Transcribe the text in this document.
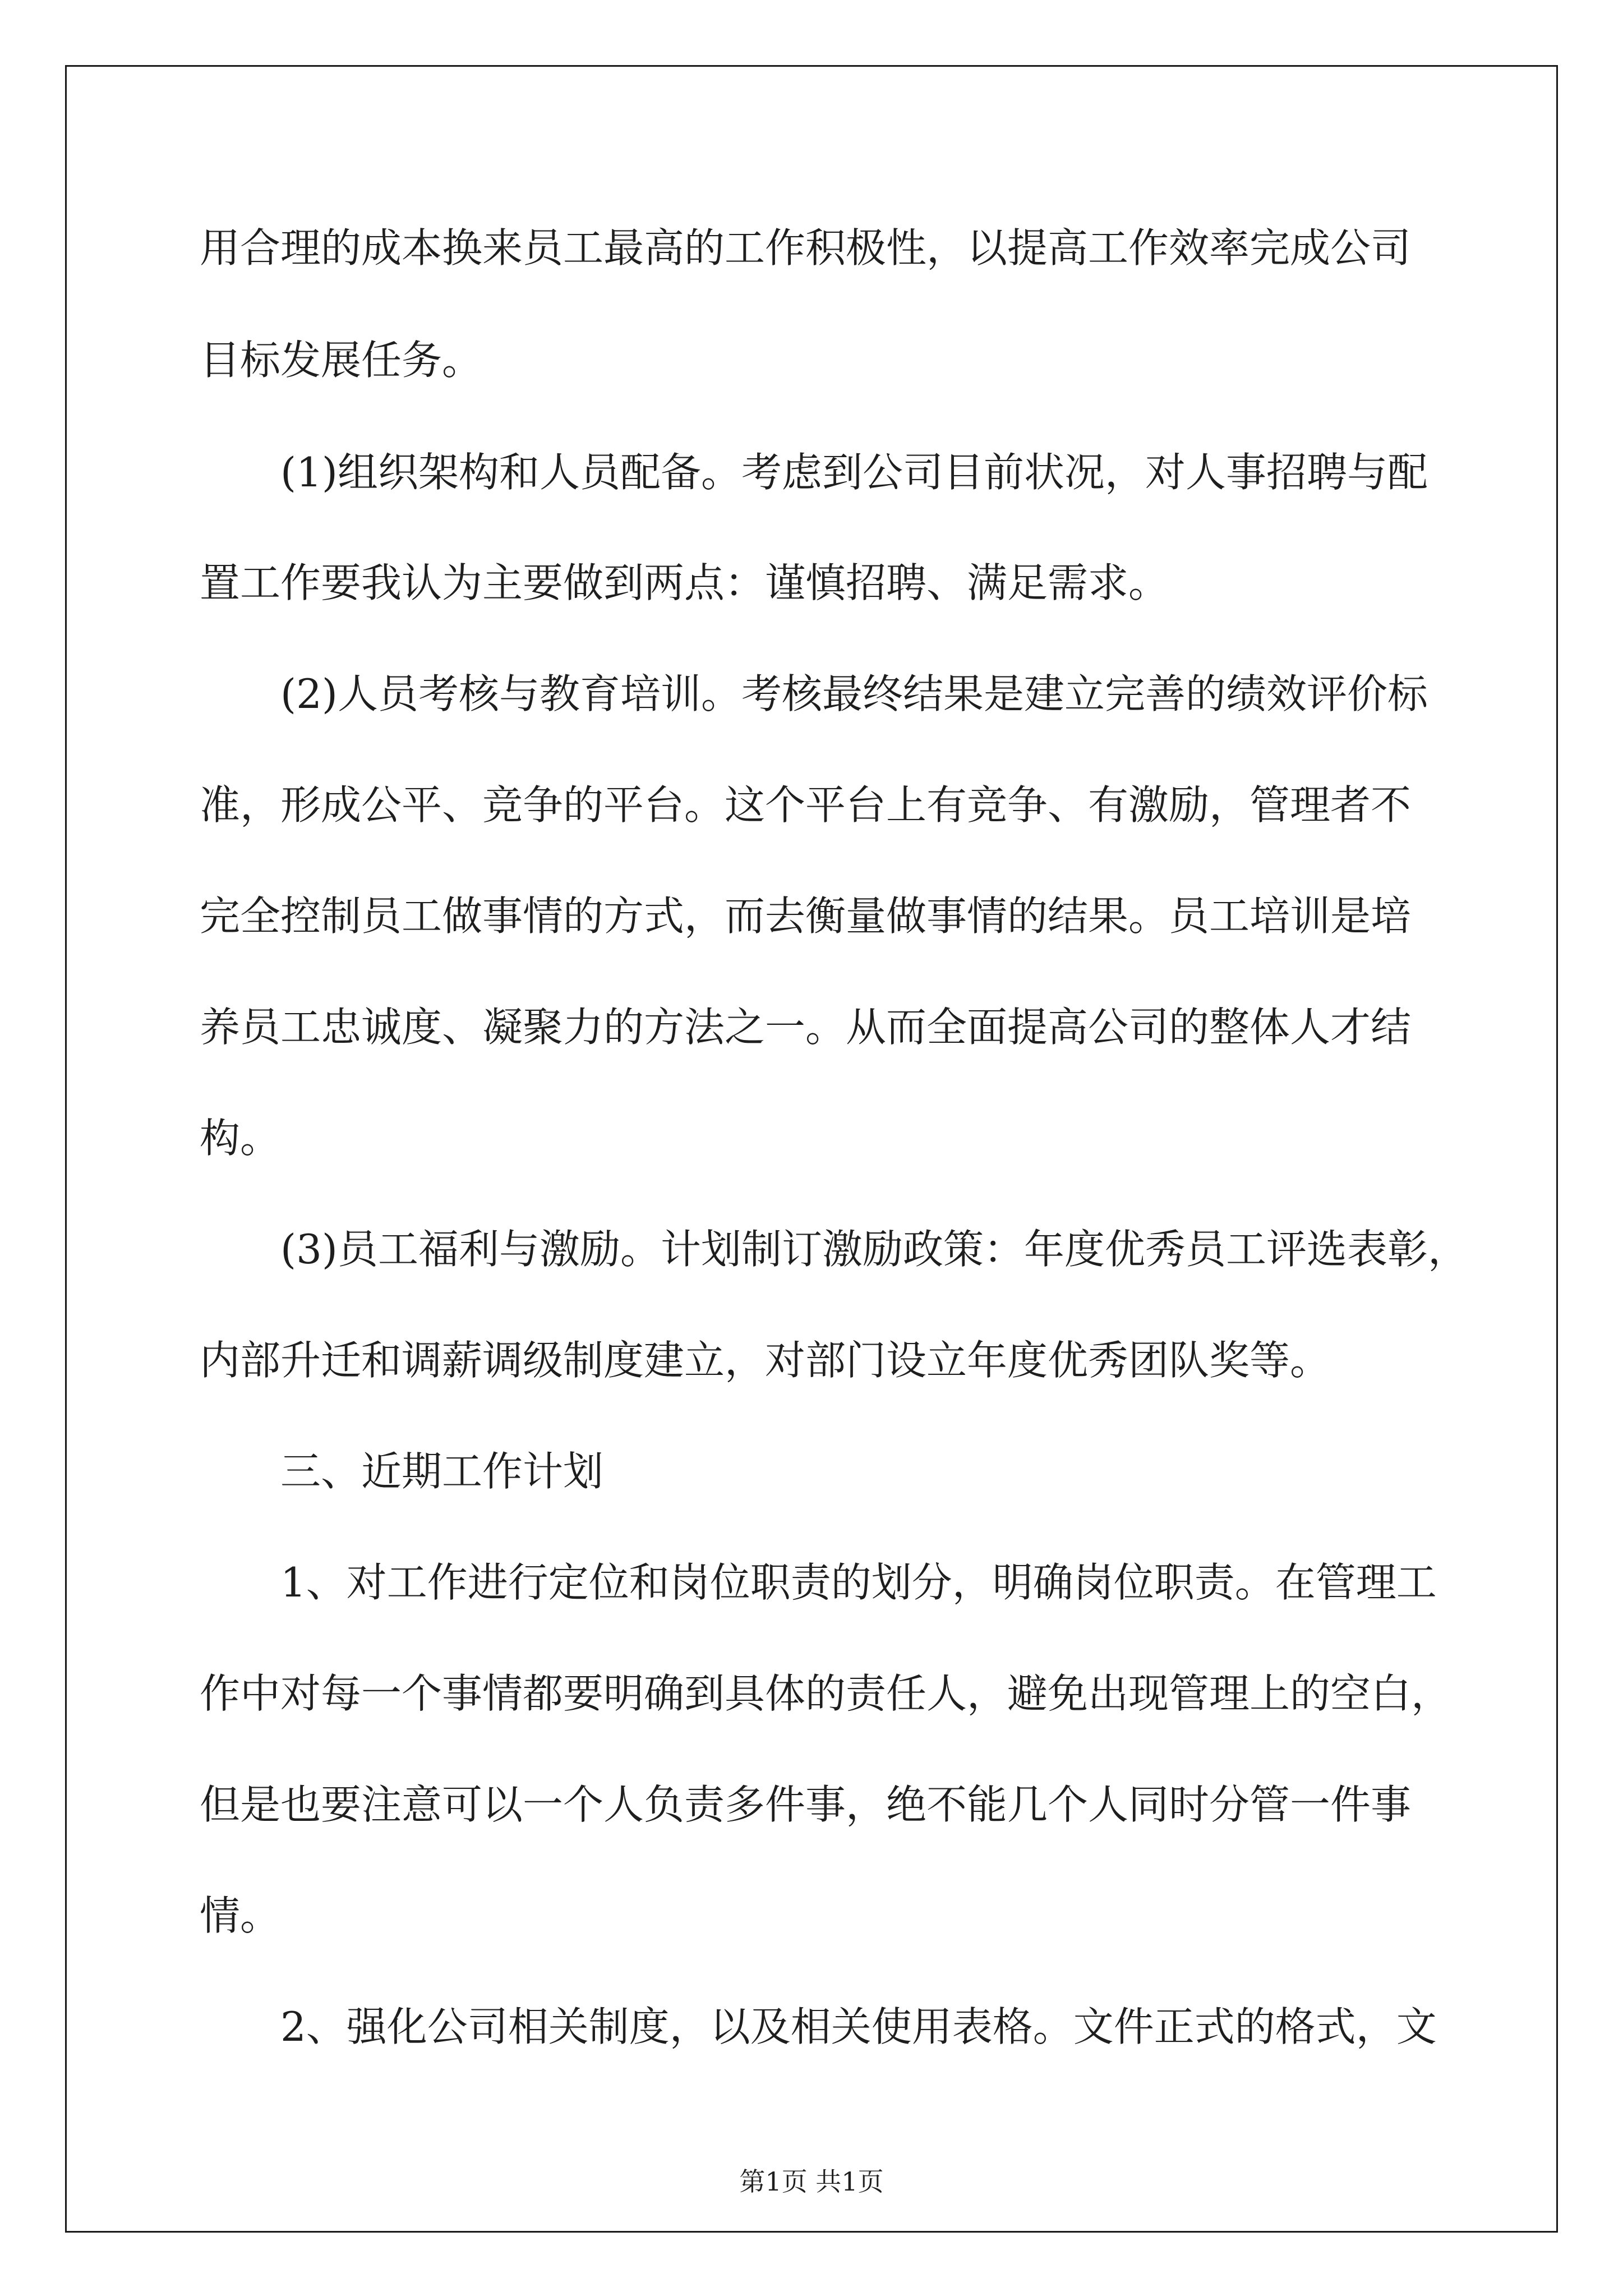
用合理的成本换来员工最高的工作积极性，以提高工作效率完成公司
目标发展任务。
(1)组织架构和人员配备。考虑到公司目前状况，对人事招聘与配
置工作要我认为主要做到两点：谨慎招聘、满足需求。
(2)人员考核与教育培训。考核最终结果是建立完善的绩效评价标
准，形成公平、竞争的平台。这个平台上有竞争、有激励，管理者不
完全控制员工做事情的方式，而去衡量做事情的结果。员工培训是培
养员工忠诚度、凝聚力的方法之一。从而全面提高公司的整体人才结
构。
(3)员工福利与激励。计划制订激励政策：年度优秀员工评选表彰，
内部升迁和调薪调级制度建立，对部门设立年度优秀团队奖等。
三、近期工作计划
1、对工作进行定位和岗位职责的划分，明确岗位职责。在管理工
作中对每一个事情都要明确到具体的责任人，避免出现管理上的空白，
但是也要注意可以一个人负责多件事，绝不能几个人同时分管一件事
情。
2、强化公司相关制度，以及相关使用表格。文件正式的格式，文
第1页 共1页
